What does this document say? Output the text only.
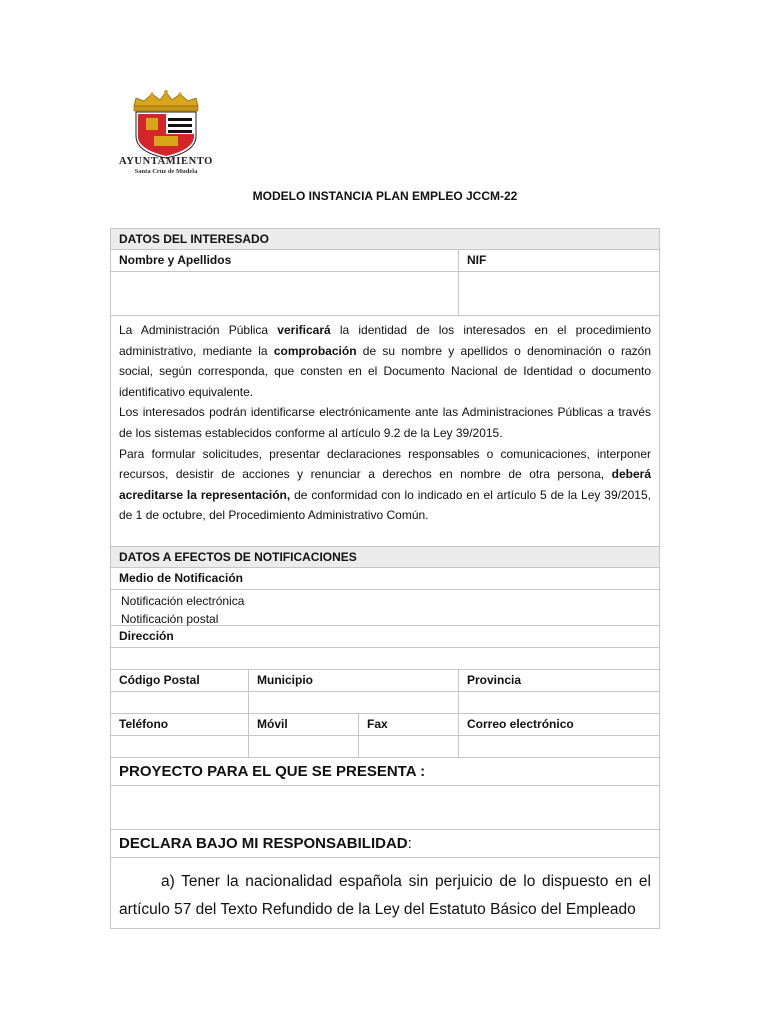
AYUNTAMIENTO
Santa Cruz de Mudela
MODELO INSTANCIA PLAN EMPLEO JCCM-22
DATOS DEL INTERESADO
Nombre y Apellidos	NIF

La Administración Pública verificará la identidad de los interesados en el procedimiento administrativo, mediante la comprobación de su nombre y apellidos o denominación o razón social, según corresponda, que consten en el Documento Nacional de Identidad o documento identificativo equivalente.

Los interesados podrán identificarse electrónicamente ante las Administraciones Públicas a través de los sistemas establecidos conforme al artículo 9.2 de la Ley 39/2015.

Para formular solicitudes, presentar declaraciones responsables o comunicaciones, interponer recursos, desistir de acciones y renunciar a derechos en nombre de otra persona, deberá acreditarse la representación, de conformidad con lo indicado en el artículo 5 de la Ley 39/2015, de 1 de octubre, del Procedimiento Administrativo Común.

DATOS A EFECTOS DE NOTIFICACIONES
Medio de Notificación
Notificación electrónica
Notificación postal
Dirección
Código Postal	Municipio	Provincia
Teléfono	Móvil	Fax	Correo electrónico
PROYECTO PARA EL QUE SE PRESENTA :
DECLARA BAJO MI RESPONSABILIDAD:
a) Tener la nacionalidad española sin perjuicio de lo dispuesto en el artículo 57 del Texto Refundido de la Ley del Estatuto Básico del Empleado
